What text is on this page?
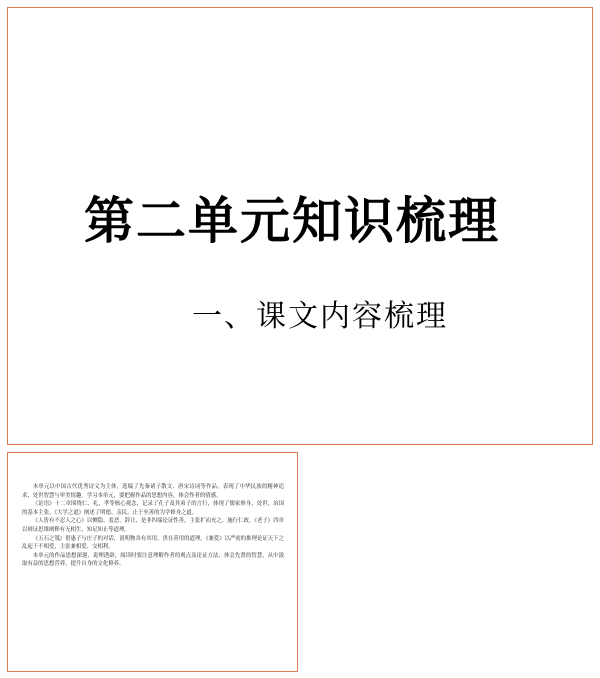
第二单元知识梳理
一、课文内容梳理

本单元以中国古代优秀诗文为主体，选编了先秦诸子散文、唐宋诗词等作品，表现了中华民族的精神追求、处世智慧与审美情趣。学习本单元，要把握作品的思想内容，体会作者的情感。

《论语》十二章围绕仁、礼、孝等核心观念，记录了孔子及其弟子的言行，体现了儒家修身、处世、治国的基本主张。《大学之道》阐述了明德、亲民、止于至善的为学修身之道。

《人皆有不忍人之心》以恻隐、羞恶、辞让、是非四端论证性善，主张扩而充之，施行仁政。《老子》四章以辩证思维阐释有无相生、知足知止等道理。

《五石之瓠》借惠子与庄子的对话，说明物各有其用、贵在善用的道理。《兼爱》以严密的推理论证天下之乱起于不相爱，主张兼相爱、交相利。

本单元的作品思想深邃、说理透辟，阅读时要注意理解作者的观点及论证方法，体会先贤的智慧，从中汲取有益的思想营养，提升自身的文化修养。
